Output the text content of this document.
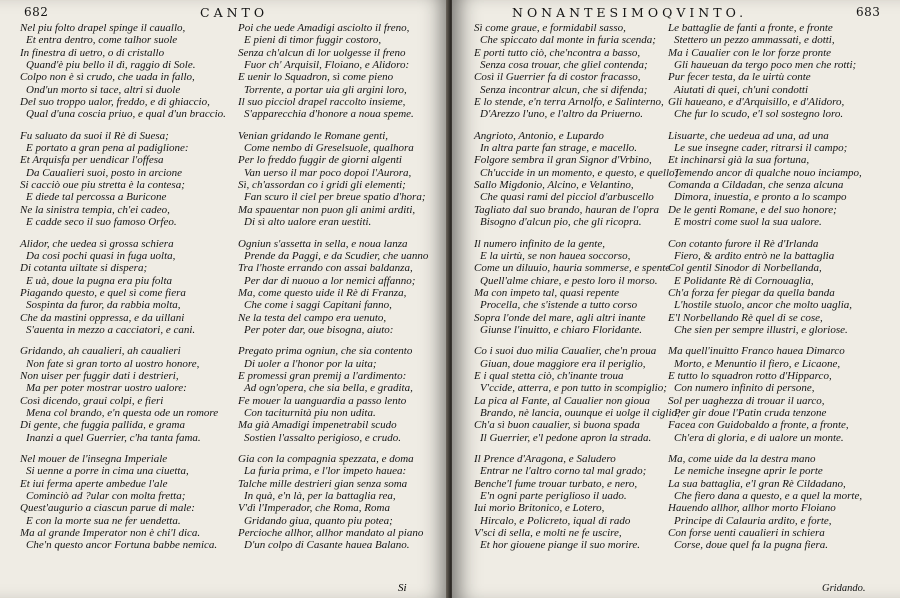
682	CANTO
Nel piu folto drapel spinge il cauallo,
Et entra dentro, come talhor suole
In finestra di uetro, o di cristallo
Quand'è piu bello il dì, raggio di Sole.
Colpo non è sì crudo, che uada in fallo,
Ond'un morto si tace, altri si duole
Del suo troppo ualor, freddo, e di ghiaccio,
Qual d'una coscia priuo, e qual d'un braccio.
Fu saluato da suoi il Rè di Suesa;
E portato a gran pena al padiglione:
Et Arquisfa per uendicar l'offesa
Da Caualieri suoi, posto in arcione
Si cacciò oue piu stretta è la contesa;
E diede tal percossa a Buricone
Ne la sinistra tempia, ch'ei cadeo,
E cadde seco il suo famoso Orfeo.
Alidor, che uedea sì grossa schiera
Da cosi pochi quasi in fuga uolta,
Di cotanta uiltate si dispera;
E uà, doue la pugna era piu folta
Piagando questo, e quel sì come fiera
Sospinta da furor, da rabbia molta,
Che da mastini oppressa, e da uillani
S'auenta in mezzo a cacciatori, e cani.
Gridando, ah caualieri, ah caualieri
Non fate sì gran torto al uostro honore,
Non uiser per fuggir dati i destrieri,
Ma per poter mostrar uostro ualore:
Così dicendo, graui colpi, e fieri
Mena col brando, e'n questa ode un romore
Di gente, che fuggia pallida, e grama
Inanzi a quel Guerrier, c'ha tanta fama.
Nel mouer de l'insegna Imperiale
Si uenne a porre in cima una ciuetta,
Et iui ferma aperte ambedue l'ale
Cominciò ad ?ular con molta fretta;
Quest'augurio a ciascun parue di male:
E con la morte sua ne fer uendetta.
Ma al grande Imperator non è chi'l dica.
Che'n questo ancor Fortuna babbe nemica.
Poi che uede Amadigi asciolto il freno,
E pieni di timor fuggir costoro,
Senza ch'alcun di lor uolgesse il freno
Fuor ch' Arquisil, Floiano, e Alidoro:
E uenir lo Squadron, sì come pieno
Torrente, a portar uia gli argini loro,
Il suo picciol drapel raccolto insieme,
S'apparecchia d'honore a noua speme.
Venian gridando le Romane genti,
Come nembo di Greselsuole, qualhora
Per lo freddo fuggir de giorni algenti
Van uerso il mar poco dopoi l'Aurora,
Sì, ch'assordan co i gridi gli elementi;
Fan scuro il ciel per breue spatio d'hora;
Ma spauentar non puon gli animi arditi,
Di sì alto ualore eran uestiti.
Ogniun s'assetta in sella, e noua lanza
Prende da Paggi, e da Scudier, che uanno
Tra l'hoste errando con assai baldanza,
Per dar di nuouo a lor nemici affanno;
Ma, come questo uide il Rè di Franza,
Che come i saggi Capitani fanno,
Ne la testa del campo era uenuto,
Per poter dar, oue bisogna, aiuto:
Pregato prima ogniun, che sia contento
Di uoler a l'honor por la uita;
E promessi gran premij a l'ardimento:
Ad ogn'opera, che sia bella, e gradita,
Fe mouer la uanguardia a passo lento
Con taciturnità piu non udita.
Ma già Amadigi impenetrabil scudo
Sostien l'assalto perigioso, e crudo.
Gia con la compagnia spezzata, e doma
La furia prima, e l'lor impeto hauea:
Talche mille destrieri gian senza soma
In quà, e'n là, per la battaglia rea,
V'dì l'Imperador, che Roma, Roma
Gridando giua, quanto piu potea;
Percioche allhor, allhor mandato al piano
D'un colpo di Casante hauea Balano.
NONANTESIMOQVINTO.	683
Sì come graue, e formidabil sasso,
Che spiccato dal monte in furia scenda;
E porti tutto ciò, che'ncontra a basso,
Senza cosa trouar, che gliel contenda;
Così il Guerrier fa di costor fracasso,
Senza incontrar alcun, che si difenda;
E lo stende, e'n terra Arnolfo, e Salinterno,
D'Arezzo l'uno, e l'altro da Priuerno.
Angrioto, Antonio, e Lupardo
In altra parte fan strage, e macello.
Folgore sembra il gran Signor d'Vrbino,
Ch'uccide in un momento, e questo, e quello;
Sallo Migdonio, Alcino, e Velantino,
Che quasi rami del picciol d'arbuscello
Tagliato dal suo brando, hauran de l'opra
Bisogno d'alcun pio, che gli ricopra.
Il numero infinito de la gente,
E la uirtù, se non hauea soccorso,
Come un diluuio, hauria sommerse, e spente
Quell'alme chiare, e pesto loro il morso.
Ma con impeto tal, quasi repente
Procella, che s'istende a tutto corso
Sopra l'onde del mare, agli altri inante
Giunse l'inuitto, e chiaro Floridante.
Co i suoi duo milia Caualier, che'n proua
Giuan, doue maggiore era il periglio,
E i qual stetta ciò, ch'inante troua
V'ccide, atterra, e pon tutto in scompiglio;
La pica al Fante, al Caualier non gioua
Brando, nè lancia, ouunque ei uolge il ciglio;
Ch'a sì buon caualier, sì buona spada
Il Guerrier, e'l pedone apron la strada.
Il Prence d'Aragona, e Saludero
Entrar ne l'altro corno tal mal grado;
Benche'l fume trouar turbato, e nero,
E'n ogni parte periglioso il uado.
Iui morìo Britonico, e Lotero,
Hircalo, e Policreto, iqual di rado
V'sci di sella, e molti ne fe uscire,
Et hor giouene piange il suo morire.
Le battaglie de fanti a fronte, e fronte
Stettero un pezzo ammassati, e dotti,
Ma i Caualier con le lor forze pronte
Gli haueuan da tergo poco men che rotti;
Pur fecer testa, da le uirtù conte
Aiutati di quei, ch'uni condotti
Gli haueano, e d'Arquisillo, e d'Alidoro,
Che fur lo scudo, e'l sol sostegno loro.
Lisuarte, che uedeua ad una, ad una
Le sue insegne cader, ritrarsi il campo;
Et inchinarsi già la sua fortuna,
Temendo ancor di qualche nouo inciampo,
Comanda a Cildadan, che senza alcuna
Dimora, inuestia, e pronto a lo scampo
De le genti Romane, e del suo honore;
E mostri come suol la sua ualore.
Con cotanto furore il Rè d'Irlanda
Fiero, & ardito entrò ne la battaglia
Col gentil Sinodor di Norbellanda,
E Polidante Rè di Cornouaglia,
Ch'a forza fer piegar da quella banda
L'hostile stuolo, ancor che molto uaglia,
E'l Norbellando Rè quel di se cose,
Che sien per sempre illustri, e gloriose.
Ma quell'inuitto Franco hauea Dimarco
Morto, e Menuntio il fiero, e Licaone,
E tutto lo squadron rotto d'Hipparco,
Con numero infinito di persone,
Sol per uaghezza di trouar il uarco,
Per gir doue l'Patin cruda tenzone
Facea con Guidobaldo a fronte, a fronte,
Ch'era di gloria, e di ualore un monte.
Ma, come uide da la destra mano
Le nemiche insegne aprir le porte
La sua battaglia, e'l gran Rè Cildadano,
Che fiero dana a questo, e a quel la morte,
Hauendo allhor, allhor morto Floiano
Principe di Calauria ardito, e forte,
Con forse uenti caualieri in schiera
Corse, doue quel fa la pugna fiera.
Gridando.
Si
